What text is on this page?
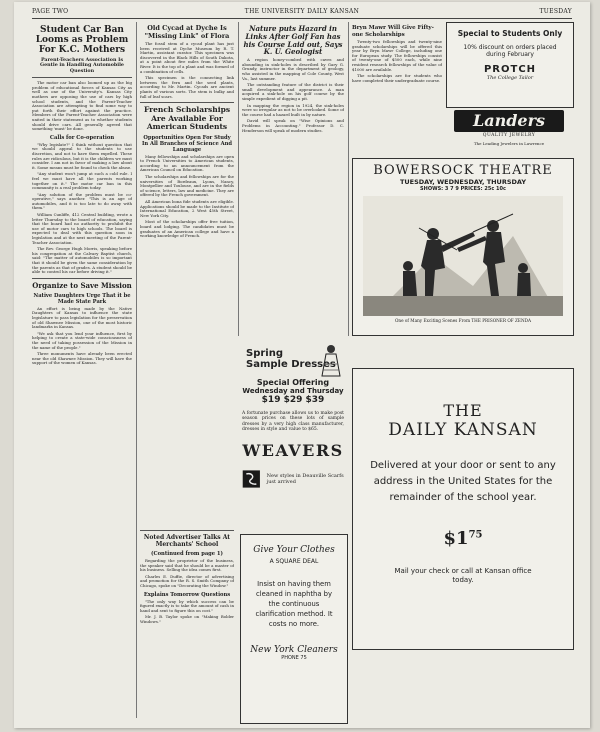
PAGE TWO	THE UNIVERSITY DAILY KANSAN	TUESDAY
Student Car Ban Looms as Problem For K.C. Mothers
Parent-Teachers Association Is Gentle in Handling Automobile Question

The motor car ban also loomed up as the big problem of educational forces of Kansas City as well as one of the University's. Kansas City mothers are opposing the use of cars by high school students, and the Parent-Teacher Association are attempting to find some way to put forth their effort against the practice. Members of the Parent-Teacher Association were united in their statement as to whether students should drive cars. All generally agreed that something 'must' be done.

Calls for Co-operation

"Why legislate?" I think without question that we should appeal to the students to use discretion, and not to have them expelled. These rules are ridiculous, but it is the children we must consider. I am not in favor of making a law about it. Some means must be found to check the abuse.

"Any student won't jump at such a cold rule. I feel we must have all the parents working together on it." The motor car ban in this community is a real problem today.

"Any solution of the problem must be co-operative," says another. "This is an age of automobiles, and it is too late to do away with them."

William Cunliffe, 412 Central building, wrote a letter Thursday to the board of education, saying that the board had no authority to prohibit the use of motor cars to high schools. The board is expected to deal with this question soon in legislation and at the next meeting of the Parent-Teacher Association.

The Rev. George Hugh Morris, speaking before his congregation at the Calvary Baptist church, said: "The matter of automobiles is so important that it should be given the same consideration by the parents as that of grades. A student should be able to control his car before driving it."

Organize to Save Mission
Native Daughters Urge That it be Made State Park

An effort is being made by the Native Daughters of Kansas to influence the state legislature to pass legislation for the preservation of old Shawnee Mission, one of the most historic landmarks in Kansas.

"We ask that you lend your influence, first by helping to create a state-wide consciousness of the need of taking possession of the Mission in the name of the people."

Three monuments have already been erected near the old Shawnee Mission. They will have the support of the women of Kansas.

Old Cycad at Dyche Is "Missing Link" of Flora

The fossil stem of a cycad plant has just been received at Dyche Museum by R. T. Martin, assistant curator. This specimen was discovered in the Black Hills of South Dakota, at a point about five miles from the White River. It is the top of a plant and was formed of a combination of cells.

This specimen is the connecting link between the fern and the seed plants, according to Mr. Martin. Cycads are ancient plants of various sorts. The stem is bulky and full of leaf scars.

French Scholarships Are Available For American Students
Opportunities Open For Study In All Branches of Science And Language

Many fellowships and scholarships are open to French Universities to American students, according to an announcement from the American Council on Education.

The scholarships and fellowships are for the universities of Bordeaux, Lyons, Nancy, Montpellier and Toulouse, and are in the fields of science, letters, law and medicine. They are offered by the French government.

All American bona fide students are eligible. Applications should be made to the Institute of International Education, 2 West 45th Street, New York City.

Most of the scholarships offer free tuition, board and lodging. The candidates must be graduates of an American college and have a working knowledge of French.

Noted Advertiser Talks At Merchants' School
(Continued from page 1)

Regarding the proprietor of the business, the speaker said that he should be a master of his business. Selling the idea comes first.

Charles E. Duffie, director of advertising and promotion for the R. S. Smith Company of Chicago, spoke on "Decorating the Window."

Explains Tomorrow Questions

"The only way by which success can be figured exactly is to take the amount of cash in hand and sent to figure this on cost."

Mr. J. B. Taylor spoke on "Making Bolder Windows."

Nature puts Hazard in Links After Golf Fan has his Course Laid out, Says K. U. Geologist

A region honey-combed with caves and abounding in sink-holes is described by Gary G. Grundy, instructor in the department of geology, who assisted in the mapping of Cole County, West Va., last summer.

The outstanding feature of the district is their small development and appearance. A man acquired a sink-hole on his golf course by the simple expedient of digging a pit.

In mapping the region in 1924, the sink-holes were so irregular as not to be overlooked. Some of the course had a hazard built in by nature.

David will speak on "Wise Opinions and Problems in Accounting." Professor D. C. Henderson will speak of modern studies.

Bryn Mawr Will Give Fifty-one Scholarships

Twenty-two fellowships and twenty-nine graduate scholarships will be offered this year by Bryn Mawr College, including one for European study. The fellowships consist of twenty-one of $500 each, while nine resident research fellowships of the value of $1000 are available.

The scholarships are for students who have completed their undergraduate course.

Special to Students Only
10% discount on orders placed during February
PROTCH
The College Tailor
Landers
QUALITY JEWELRY
The Leading Jewelers in Lawrence
BOWERSOCK THEATRE
TUESDAY, WEDNESDAY, THURSDAY
SHOWS: 3 7 9 PRICES: 25c 10c
One of Many Exciting Scenes From THE PRISONER OF ZENDA
Spring
Sample Dresses
Special Offering
Wednesday and Thursday
$19 $29 $39
A fortunate purchase allows us to make post season prices on these lots of sample dresses by a very high class manufacturer, dresses in style and value to $65.
WEAVERS
New styles in Deauville Scarfs just arrived
THE
DAILY KANSAN
Delivered at your door or sent to any address in the United States for the remainder of the school year.
$\$1^{75}$
Mail your check or call at Kansan office today.
Give Your Clothes
A SQUARE DEAL
Insist on having them cleaned in naphtha by the continuous clarification method. It costs no more.
New York Cleaners
PHONE 75
